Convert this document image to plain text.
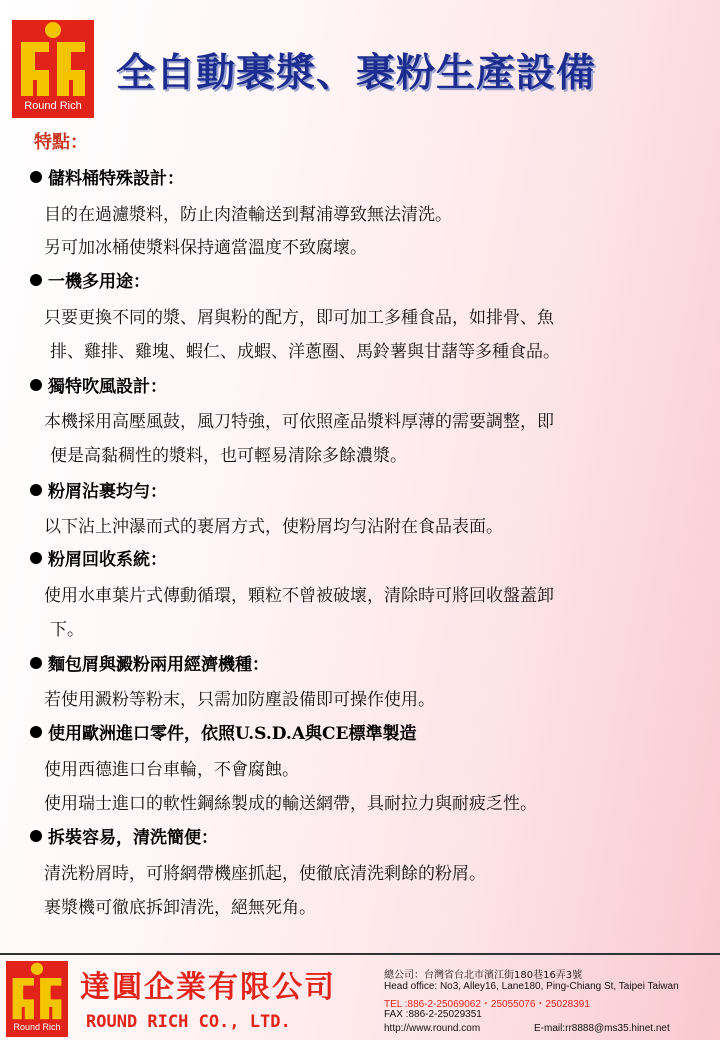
Round Rich
全自動裹漿、裹粉生產設備
特點：
儲料桶特殊設計：

目的在過濾漿料，防止肉渣輸送到幫浦導致無法清洗。

另可加冰桶使漿料保持適當溫度不致腐壞。

一機多用途：

只要更換不同的漿、屑與粉的配方，即可加工多種食品，如排骨、魚

排、雞排、雞塊、蝦仁、成蝦、洋蔥圈、馬鈴薯與甘藷等多種食品。

獨特吹風設計：

本機採用高壓風鼓，風刀特強，可依照產品漿料厚薄的需要調整，即

便是高黏稠性的漿料，也可輕易清除多餘濃漿。

粉屑沾裹均勻：

以下沾上沖瀑而式的裹屑方式，使粉屑均勻沾附在食品表面。

粉屑回收系統：

使用水車葉片式傳動循環，顆粒不曾被破壞，清除時可將回收盤蓋卸

下。

麵包屑與澱粉兩用經濟機種：

若使用澱粉等粉末，只需加防塵設備即可操作使用。

使用歐洲進口零件，依照U.S.D.A與CE標準製造

使用西德進口台車輪，不會腐蝕。

使用瑞士進口的軟性鋼絲製成的輸送網帶，具耐拉力與耐疲乏性。

拆裝容易，清洗簡便：

清洗粉屑時，可將網帶機座抓起，使徹底清洗剩餘的粉屑。

裹漿機可徹底拆卸清洗，絕無死角。

Round Rich

達圓企業有限公司

ROUND RICH CO., LTD.

總公司：台灣省台北市濱江街180巷16弄3號

Head office: No3, Alley16, Lane180, Ping-Chiang St, Taipei Taiwan

TEL :886-2-25069062・25055076・25028391

FAX :886-2-25029351

http://www.round.com	E-mail:rr8888@ms35.hinet.net
